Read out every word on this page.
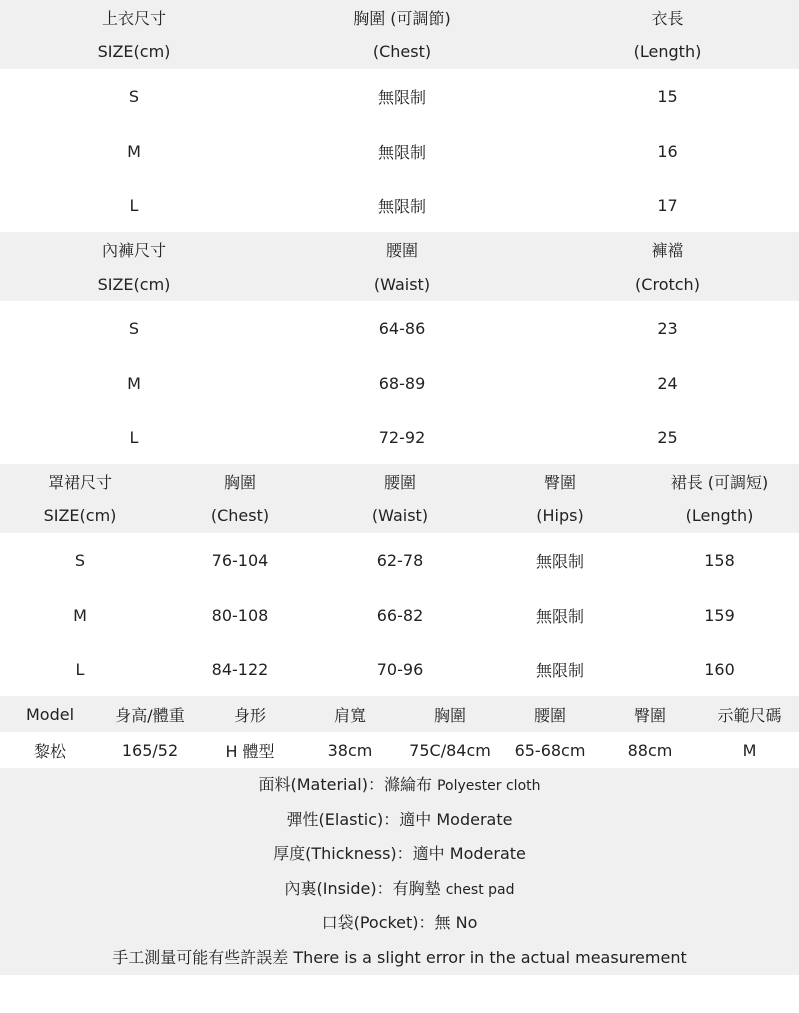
上衣尺寸	胸圍 (可調節)	衣長
SIZE(cm)	(Chest)	(Length)
S	無限制	15
M	無限制	16
L	無限制	17
內褲尺寸	腰圍	褲襠
SIZE(cm)	(Waist)	(Crotch)
S	64-86	23
M	68-89	24
L	72-92	25
罩裙尺寸	胸圍	腰圍	臀圍	裙長 (可調短)
SIZE(cm)	(Chest)	(Waist)	(Hips)	(Length)
S	76-104	62-78	無限制	158
M	80-108	66-82	無限制	159
L	84-122	70-96	無限制	160
Model	身高/體重	身形	肩寬	胸圍	腰圍	臀圍	示範尺碼
黎松	165/52	H 體型	38cm	75C/84cm	65-68cm	88cm	M
面料(Material)：滌綸布 Polyester cloth
彈性(Elastic)：適中 Moderate
厚度(Thickness)：適中 Moderate
內裏(Inside)：有胸墊 chest pad
口袋(Pocket)：無 No
手工測量可能有些許誤差 There is a slight error in the actual measurement
